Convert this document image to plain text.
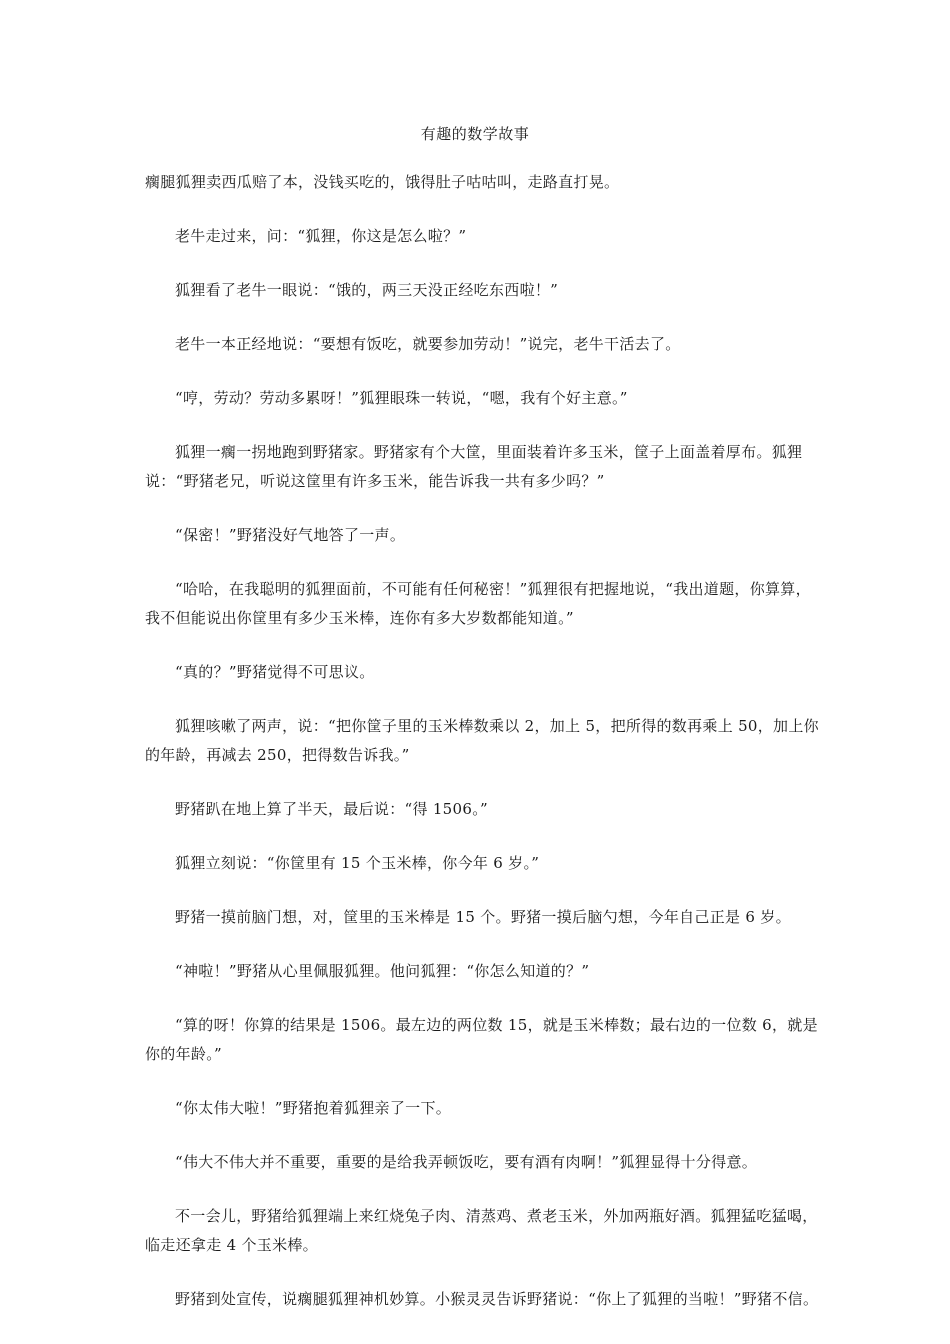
有趣的数学故事

瘸腿狐狸卖西瓜赔了本，没钱买吃的，饿得肚子咕咕叫，走路直打晃。

老牛走过来，问：“狐狸，你这是怎么啦？”

狐狸看了老牛一眼说：“饿的，两三天没正经吃东西啦！”

老牛一本正经地说：“要想有饭吃，就要参加劳动！”说完，老牛干活去了。

“哼，劳动？劳动多累呀！”狐狸眼珠一转说，“嗯，我有个好主意。”

狐狸一瘸一拐地跑到野猪家。野猪家有个大筐，里面装着许多玉米，筐子上面盖着厚布。狐狸说：“野猪老兄，听说这筐里有许多玉米，能告诉我一共有多少吗？”

“保密！”野猪没好气地答了一声。

“哈哈，在我聪明的狐狸面前，不可能有任何秘密！”狐狸很有把握地说，“我出道题，你算算，我不但能说出你筐里有多少玉米棒，连你有多大岁数都能知道。”

“真的？”野猪觉得不可思议。

狐狸咳嗽了两声，说：“把你筐子里的玉米棒数乘以 2，加上 5，把所得的数再乘上 50，加上你的年龄，再减去 250，把得数告诉我。”

野猪趴在地上算了半天，最后说：“得 1506。”

狐狸立刻说：“你筐里有 15 个玉米棒，你今年 6 岁。”

野猪一摸前脑门想，对，筐里的玉米棒是 15 个。野猪一摸后脑勺想，今年自己正是 6 岁。

“神啦！”野猪从心里佩服狐狸。他问狐狸：“你怎么知道的？”

“算的呀！你算的结果是 1506。最左边的两位数 15，就是玉米棒数；最右边的一位数 6，就是你的年龄。”

“你太伟大啦！”野猪抱着狐狸亲了一下。

“伟大不伟大并不重要，重要的是给我弄顿饭吃，要有酒有肉啊！”狐狸显得十分得意。

不一会儿，野猪给狐狸端上来红烧兔子肉、清蒸鸡、煮老玉米，外加两瓶好酒。狐狸猛吃猛喝，临走还拿走 4 个玉米棒。

野猪到处宣传，说瘸腿狐狸神机妙算。小猴灵灵告诉野猪说：“你上了狐狸的当啦！”野猪不信。
